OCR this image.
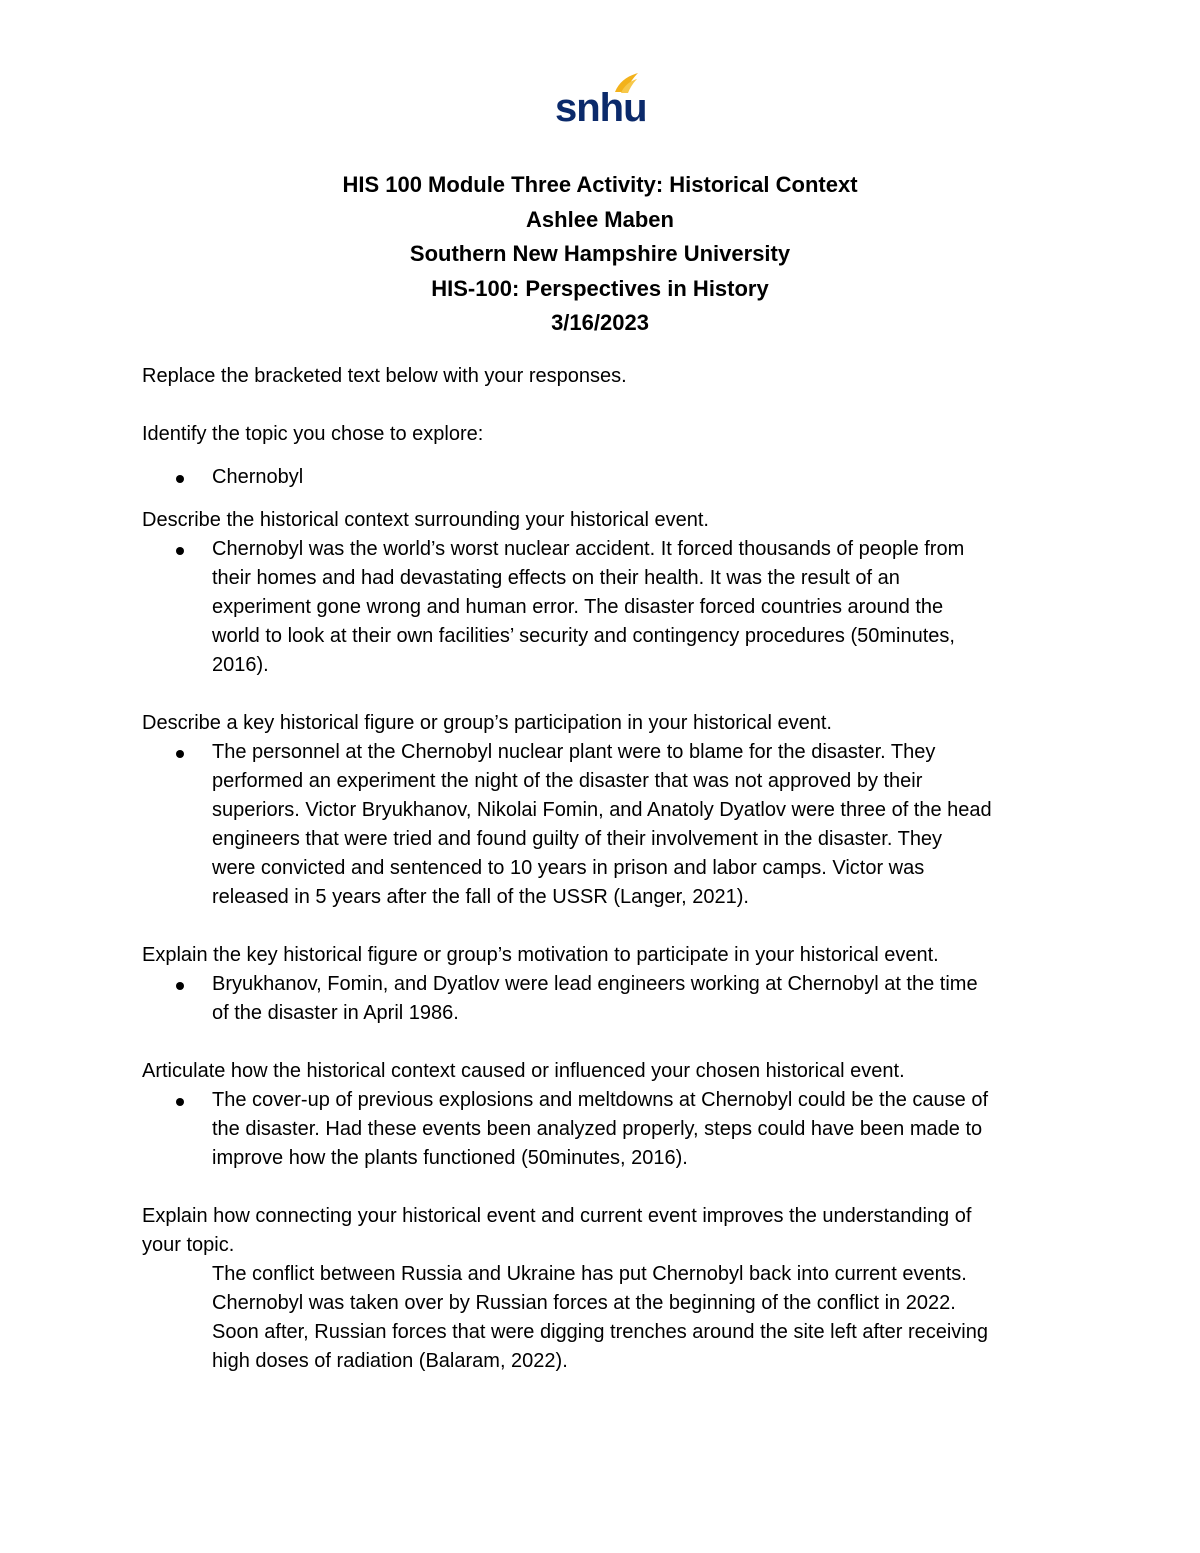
snhu
HIS 100 Module Three Activity: Historical Context
Ashlee Maben
Southern New Hampshire University
HIS-100: Perspectives in History
3/16/2023

Replace the bracketed text below with your responses.

Identify the topic you chose to explore:

Chernobyl

Describe the historical context surrounding your historical event.

Chernobyl was the world’s worst nuclear accident. It forced thousands of people from
their homes and had devastating effects on their health. It was the result of an
experiment gone wrong and human error. The disaster forced countries around the
world to look at their own facilities’ security and contingency procedures (50minutes,
2016).

Describe a key historical figure or group’s participation in your historical event.

The personnel at the Chernobyl nuclear plant were to blame for the disaster. They
performed an experiment the night of the disaster that was not approved by their
superiors. Victor Bryukhanov, Nikolai Fomin, and Anatoly Dyatlov were three of the head
engineers that were tried and found guilty of their involvement in the disaster. They
were convicted and sentenced to 10 years in prison and labor camps. Victor was
released in 5 years after the fall of the USSR (Langer, 2021).

Explain the key historical figure or group’s motivation to participate in your historical event.

Bryukhanov, Fomin, and Dyatlov were lead engineers working at Chernobyl at the time
of the disaster in April 1986.

Articulate how the historical context caused or influenced your chosen historical event.

The cover-up of previous explosions and meltdowns at Chernobyl could be the cause of
the disaster. Had these events been analyzed properly, steps could have been made to
improve how the plants functioned (50minutes, 2016).

Explain how connecting your historical event and current event improves the understanding of

your topic.

The conflict between Russia and Ukraine has put Chernobyl back into current events.
Chernobyl was taken over by Russian forces at the beginning of the conflict in 2022.
Soon after, Russian forces that were digging trenches around the site left after receiving
high doses of radiation (Balaram, 2022).
